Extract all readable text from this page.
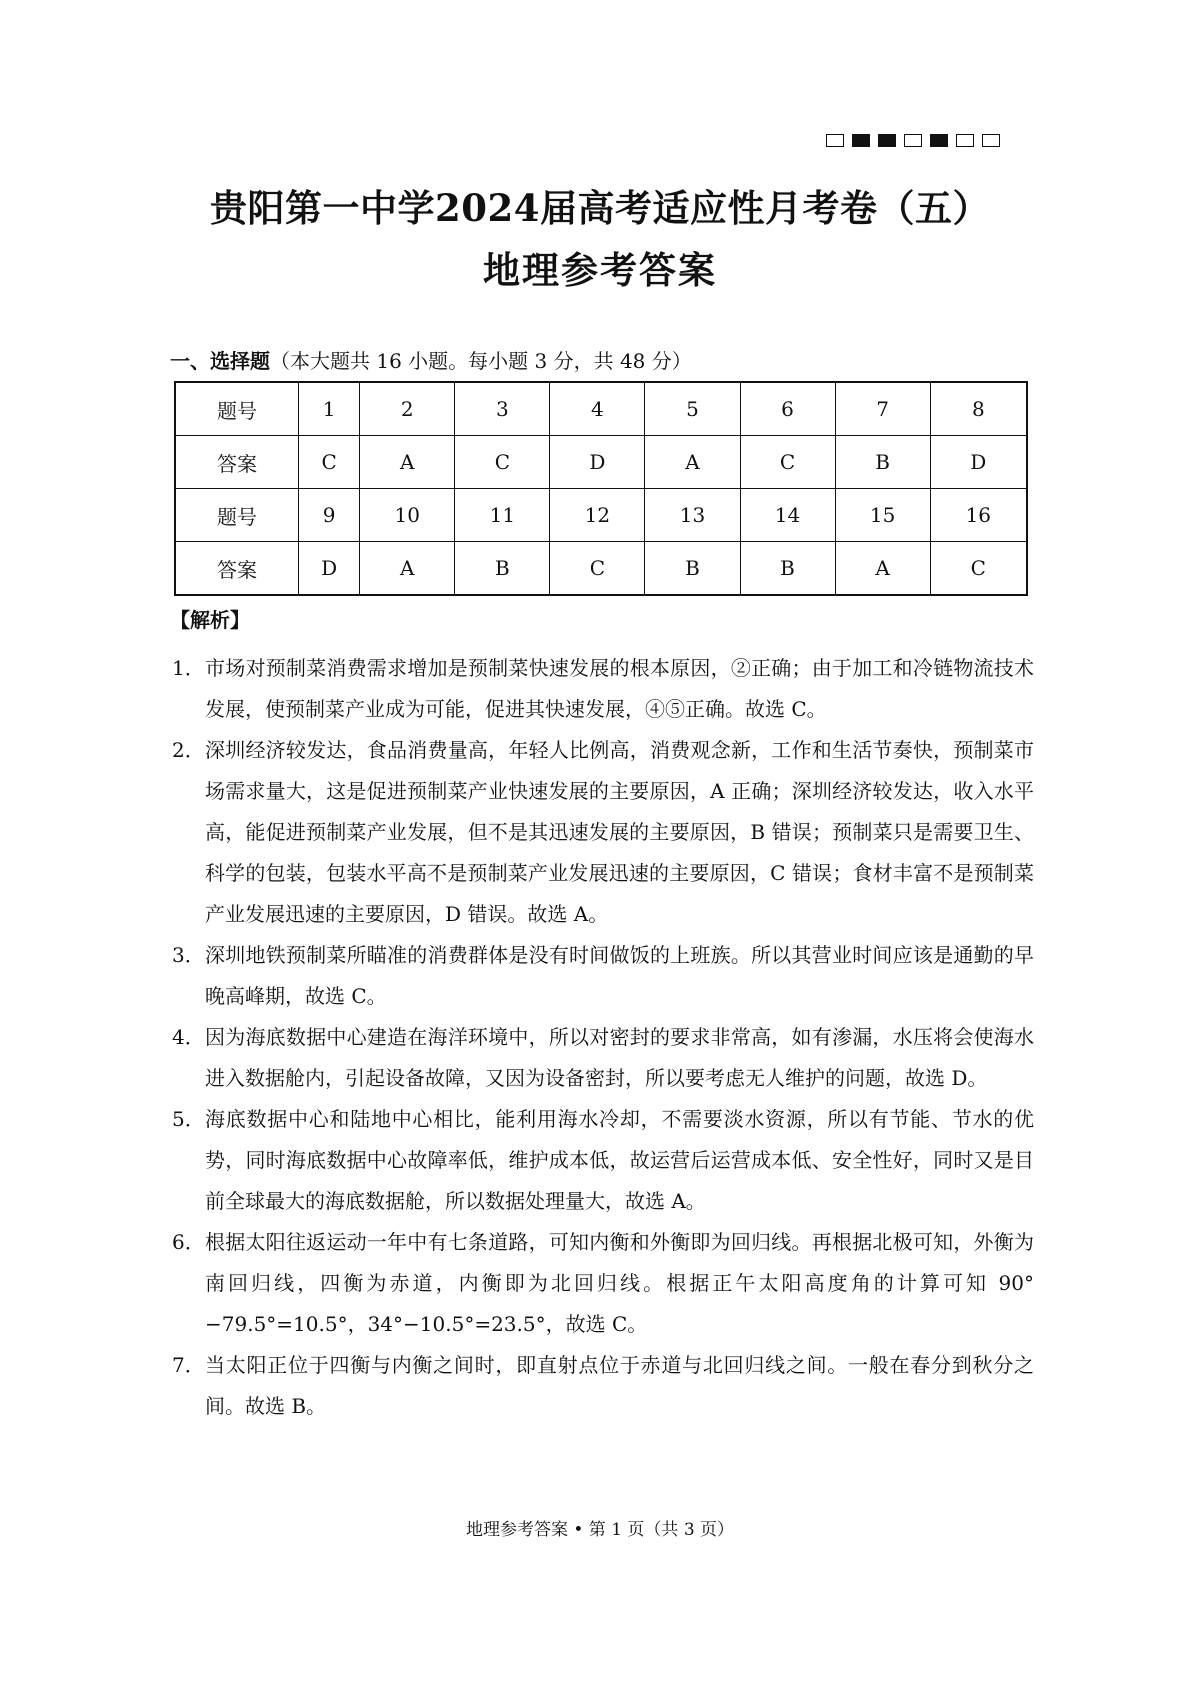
贵阳第一中学2024届高考适应性月考卷（五）
地理参考答案
一、选择题（本大题共 16 小题。每小题 3 分，共 48 分）
题号	1	2	3	4	5	6	7	8
答案	C	A	C	D	A	C	B	D
题号	9	10	11	12	13	14	15	16
答案	D	A	B	C	B	B	A	C
【解析】
1． 市场对预制菜消费需求增加是预制菜快速发展的根本原因，②正确；由于加工和冷链物流技术发展，使预制菜产业成为可能，促进其快速发展，④⑤正确。故选 C。
2． 深圳经济较发达，食品消费量高，年轻人比例高，消费观念新，工作和生活节奏快，预制菜市场需求量大，这是促进预制菜产业快速发展的主要原因，A 正确；深圳经济较发达，收入水平高，能促进预制菜产业发展，但不是其迅速发展的主要原因，B 错误；预制菜只是需要卫生、科学的包装，包装水平高不是预制菜产业发展迅速的主要原因，C 错误；食材丰富不是预制菜产业发展迅速的主要原因，D 错误。故选 A。
3． 深圳地铁预制菜所瞄准的消费群体是没有时间做饭的上班族。所以其营业时间应该是通勤的早晚高峰期，故选 C。
4． 因为海底数据中心建造在海洋环境中，所以对密封的要求非常高，如有渗漏，水压将会使海水进入数据舱内，引起设备故障，又因为设备密封，所以要考虑无人维护的问题，故选 D。
5． 海底数据中心和陆地中心相比，能利用海水冷却，不需要淡水资源，所以有节能、节水的优势，同时海底数据中心故障率低，维护成本低，故运营后运营成本低、安全性好，同时又是目前全球最大的海底数据舱，所以数据处理量大，故选 A。
6． 根据太阳往返运动一年中有七条道路，可知内衡和外衡即为回归线。再根据北极可知，外衡为南回归线，四衡为赤道，内衡即为北回归线。根据正午太阳高度角的计算可知 90°−79.5°=10.5°，34°−10.5°=23.5°，故选 C。
7． 当太阳正位于四衡与内衡之间时，即直射点位于赤道与北回归线之间。一般在春分到秋分之间。故选 B。
地理参考答案 • 第 1 页（共 3 页）
